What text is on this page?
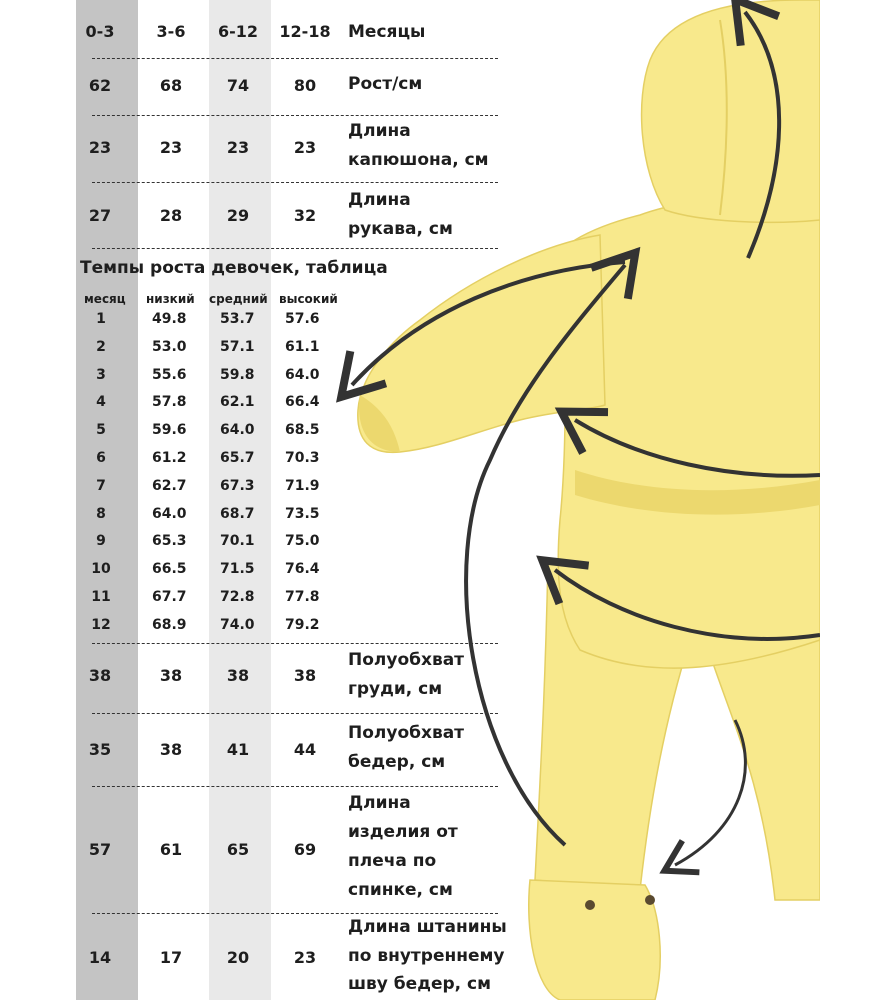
0-3	3-6	6-12	12-18	Месяцы
62	68	74	80	Рост/см
23	23	23	23
Длина
капюшона, см
27	28	29	32
Длина
рукава, см
Темпы роста девочек, таблица
месяц низкий средний высокий
1	49.8 53.7 57.6
2	53.0 57.1 61.1
3	55.6 59.8 64.0
4	57.8 62.1 66.4
5	59.6 64.0 68.5
6	61.2 65.7 70.3
7	62.7 67.3 71.9
8	64.0 68.7 73.5
9	65.3 70.1 75.0
10	66.5 71.5 76.4
11	67.7 72.8 77.8
12	68.9 74.0 79.2
38	38	38	38
Полуобхват
груди, см
35	38	41	44
Полуобхват
бедер, см
57	61	65	69
Длина
изделия от
плеча по
спинке, см
14	17	20	23
Длина штанины
по внутреннему
шву бедер, см
